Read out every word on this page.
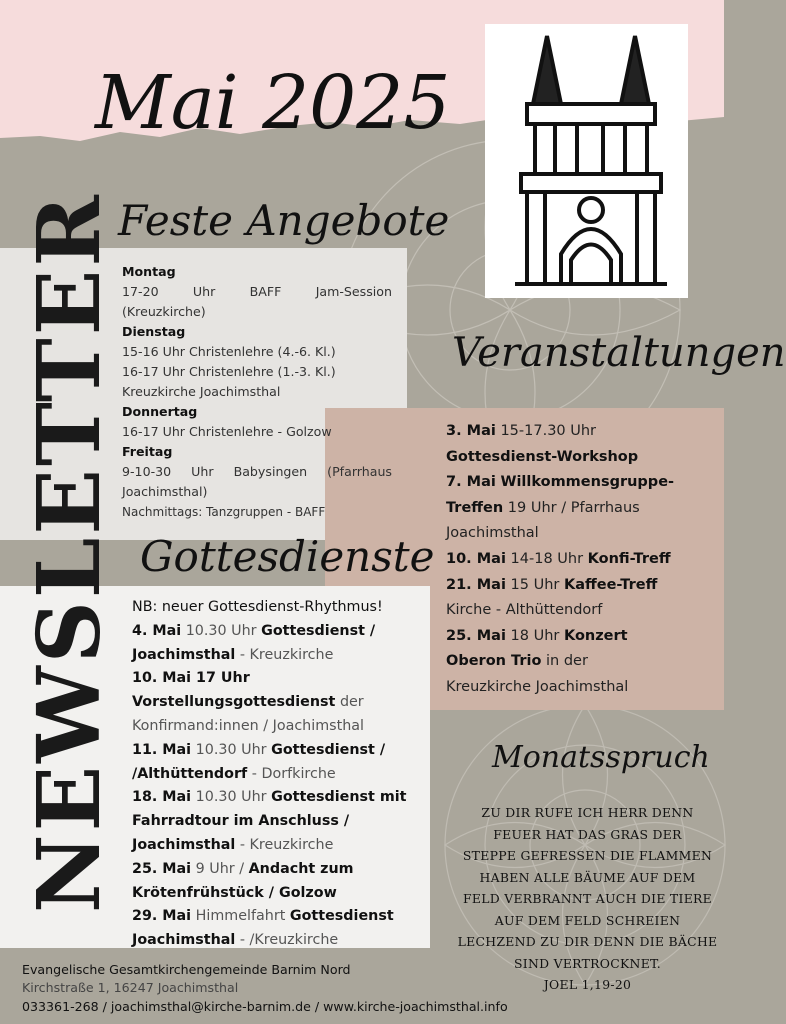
Mai 2025
NEWSLETTER
Feste Angebote
Montag
17-20	Uhr	BAFF	Jam-Session
(Kreuzkirche)
Dienstag
15-16 Uhr Christenlehre (4.-6. Kl.)
16-17 Uhr Christenlehre (1.-3. Kl.)
Kreuzkirche Joachimsthal
Donnertag
16-17 Uhr Christenlehre - Golzow
Freitag
9-10-30 Uhr Babysingen (Pfarrhaus
Joachimsthal)
Nachmittags: Tanzgruppen - BAFF
Veranstaltungen
3. Mai 15-17.30 Uhr
Gottesdienst-Workshop
7. Mai Willkommensgruppe-
Treffen 19 Uhr / Pfarrhaus
Joachimsthal
10. Mai 14-18 Uhr Konfi-Treff
21. Mai 15 Uhr Kaffee-Treff
Kirche - Althüttendorf
25. Mai 18 Uhr Konzert
Oberon Trio in der
Kreuzkirche Joachimsthal
Gottesdienste
NB: neuer Gottesdienst-Rhythmus!
4. Mai 10.30 Uhr Gottesdienst /
Joachimsthal - Kreuzkirche
10. Mai 17 Uhr
Vorstellungsgottesdienst der
Konfirmand:innen / Joachimsthal
11. Mai 10.30 Uhr Gottesdienst /
/Althüttendorf - Dorfkirche
18. Mai 10.30 Uhr Gottesdienst mit
Fahrradtour im Anschluss /
Joachimsthal - Kreuzkirche
25. Mai 9 Uhr / Andacht zum
Krötenfrühstück / Golzow
29. Mai Himmelfahrt Gottesdienst
Joachimsthal - /Kreuzkirche
Monatsspruch
ZU DIR RUFE ICH HERR DENN
FEUER HAT DAS GRAS DER
STEPPE GEFRESSEN DIE FLAMMEN
HABEN ALLE BÄUME AUF DEM
FELD VERBRANNT AUCH DIE TIERE
AUF DEM FELD SCHREIEN
LECHZEND ZU DIR DENN DIE BÄCHE
SIND VERTROCKNET.
JOEL 1,19-20
Evangelische Gesamtkirchengemeinde Barnim Nord
Kirchstraße 1, 16247 Joachimsthal
033361-268 / joachimsthal@kirche-barnim.de / www.kirche-joachimsthal.info
